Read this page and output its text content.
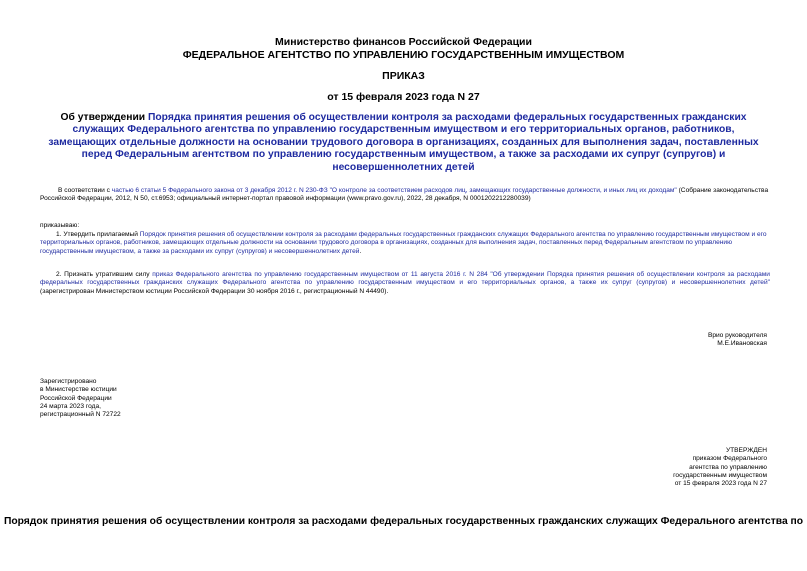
Министерство финансов Российской Федерации
ФЕДЕРАЛЬНОЕ АГЕНТСТВО ПО УПРАВЛЕНИЮ ГОСУДАРСТВЕННЫМ ИМУЩЕСТВОМ
ПРИКАЗ
от 15 февраля 2023 года N 27
Об утверждении Порядка принятия решения об осуществлении контроля за расходами федеральных государственных гражданских служащих Федерального агентства по управлению государственным имуществом и его территориальных органов, работников, замещающих отдельные должности на основании трудового договора в организациях, созданных для выполнения задач, поставленных перед Федеральным агентством по управлению государственным имуществом, а также за расходами их супруг (супругов) и несовершеннолетних детей
В соответствии с частью 6 статьи 5 Федерального закона от 3 декабря 2012 г. N 230-ФЗ "О контроле за соответствием расходов лиц, замещающих государственные должности, и иных лиц их доходам" (Собрание законодательства Российской Федерации, 2012, N 50, ст.6953; официальный интернет-портал правовой информации (www.pravo.gov.ru), 2022, 28 декабря, N 0001202212280039)
приказываю:
1. Утвердить прилагаемый Порядок принятия решения об осуществлении контроля за расходами федеральных государственных гражданских служащих Федерального агентства по управлению государственным имуществом и его территориальных органов, работников, замещающих отдельные должности на основании трудового договора в организациях, созданных для выполнения задач, поставленных перед Федеральным агентством по управлению государственным имуществом, а также за расходами их супруг (супругов) и несовершеннолетних детей.
2. Признать утратившим силу приказ Федерального агентства по управлению государственным имуществом от 11 августа 2016 г. N 284 "Об утверждении Порядка принятия решения об осуществлении контроля за расходами федеральных государственных гражданских служащих Федерального агентства по управлению государственным имуществом и его территориальных органов, а также их супруг (супругов) и несовершеннолетних детей" (зарегистрирован Министерством юстиции Российской Федерации 30 ноября 2016 г., регистрационный N 44490).
Врио руководителя
М.Е.Ивановская
Зарегистрировано
в Министерстве юстиции
Российской Федерации
24 марта 2023 года,
регистрационный N 72722
УТВЕРЖДЕН
приказом Федерального
агентства по управлению
государственным имуществом
от 15 февраля 2023 года N 27
Порядок принятия решения об осуществлении контроля за расходами федеральных государственных гражданских служащих Федерального агентства по
